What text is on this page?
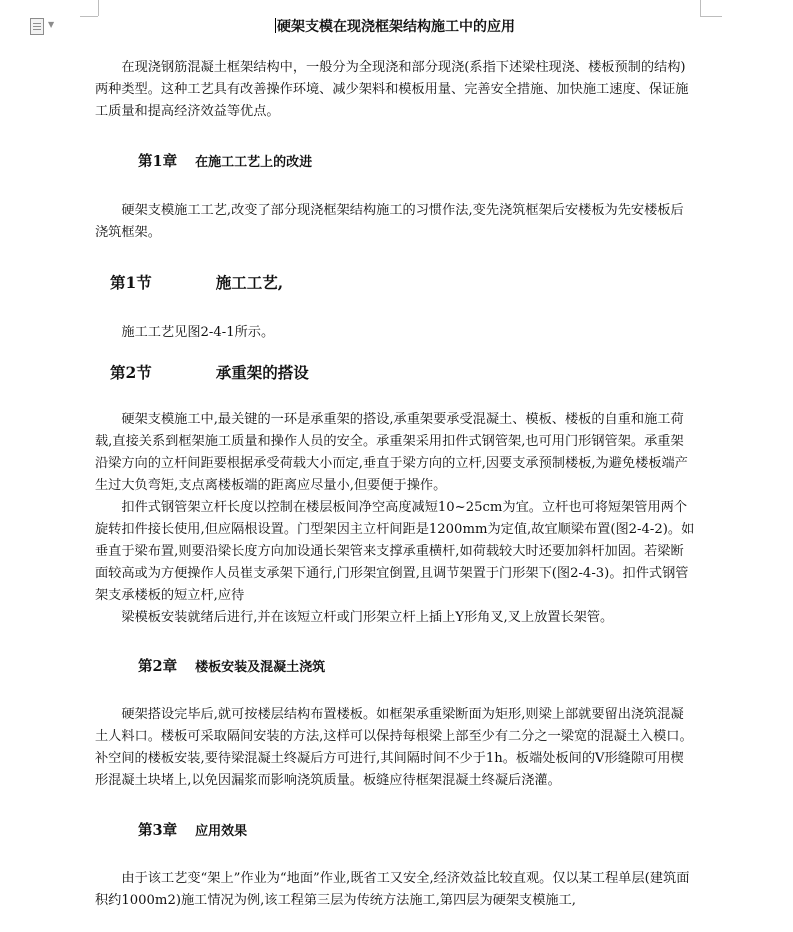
▼	硬架支模在现浇框架结构施工中的应用

在现浇钢筋混凝土框架结构中，一般分为全现浇和部分现浇(系指下述梁柱现浇、楼板预制的结构)两种类型。这种工艺具有改善操作环境、减少架料和模板用量、完善安全措施、加快施工速度、保证施工质量和提高经济效益等优点。

第1章 在施工工艺上的改进

硬架支模施工工艺,改变了部分现浇框架结构施工的习惯作法,变先浇筑框架后安楼板为先安楼板后浇筑框架。

第1节	施工工艺,

施工工艺见图2-4-1所示。

第2节	承重架的搭设

硬架支模施工中,最关键的一环是承重架的搭设,承重架要承受混凝土、模板、楼板的自重和施工荷载,直接关系到框架施工质量和操作人员的安全。承重架采用扣件式钢管架,也可用门形钢管架。承重架沿梁方向的立杆间距要根据承受荷载大小而定,垂直于梁方向的立杆,因要支承预制楼板,为避免楼板端产生过大负弯矩,支点离楼板端的距离应尽量小,但要便于操作。

扣件式钢管架立杆长度以控制在楼层板间净空高度减短10~25cm为宜。立杆也可将短架管用两个旋转扣件接长使用,但应隔根设置。门型架因主立杆间距是1200mm为定值,故宜顺梁布置(图2-4-2)。如垂直于梁布置,则要沿梁长度方向加设通长架管来支撑承重横杆,如荷载较大时还要加斜杆加固。若梁断面较高或为方便操作人员崔支承架下通行,门形架宜倒置,且调节架置于门形架下(图2-4-3)。扣件式钢管架支承楼板的短立杆,应待

梁模板安装就绪后进行,并在该短立杆或门形架立杆上插上Y形角叉,叉上放置长架管。

第2章 楼板安装及混凝土浇筑

硬架搭设完毕后,就可按楼层结构布置楼板。如框架承重梁断面为矩形,则梁上部就要留出浇筑混凝土人料口。楼板可采取隔间安装的方法,这样可以保持每根梁上部至少有二分之一梁宽的混凝土入模口。补空间的楼板安装,要待梁混凝土终凝后方可进行,其间隔时间不少于1h。板端处板间的V形缝隙可用楔形混凝土块堵上,以免因漏浆而影响浇筑质量。板缝应待框架混凝土终凝后浇灌。

第3章 应用效果

由于该工艺变“架上”作业为“地面”作业,既省工又安全,经济效益比较直观。仅以某工程单层(建筑面积约1000m2)施工情况为例,该工程第三层为传统方法施工,第四层为硬架支模施工,
